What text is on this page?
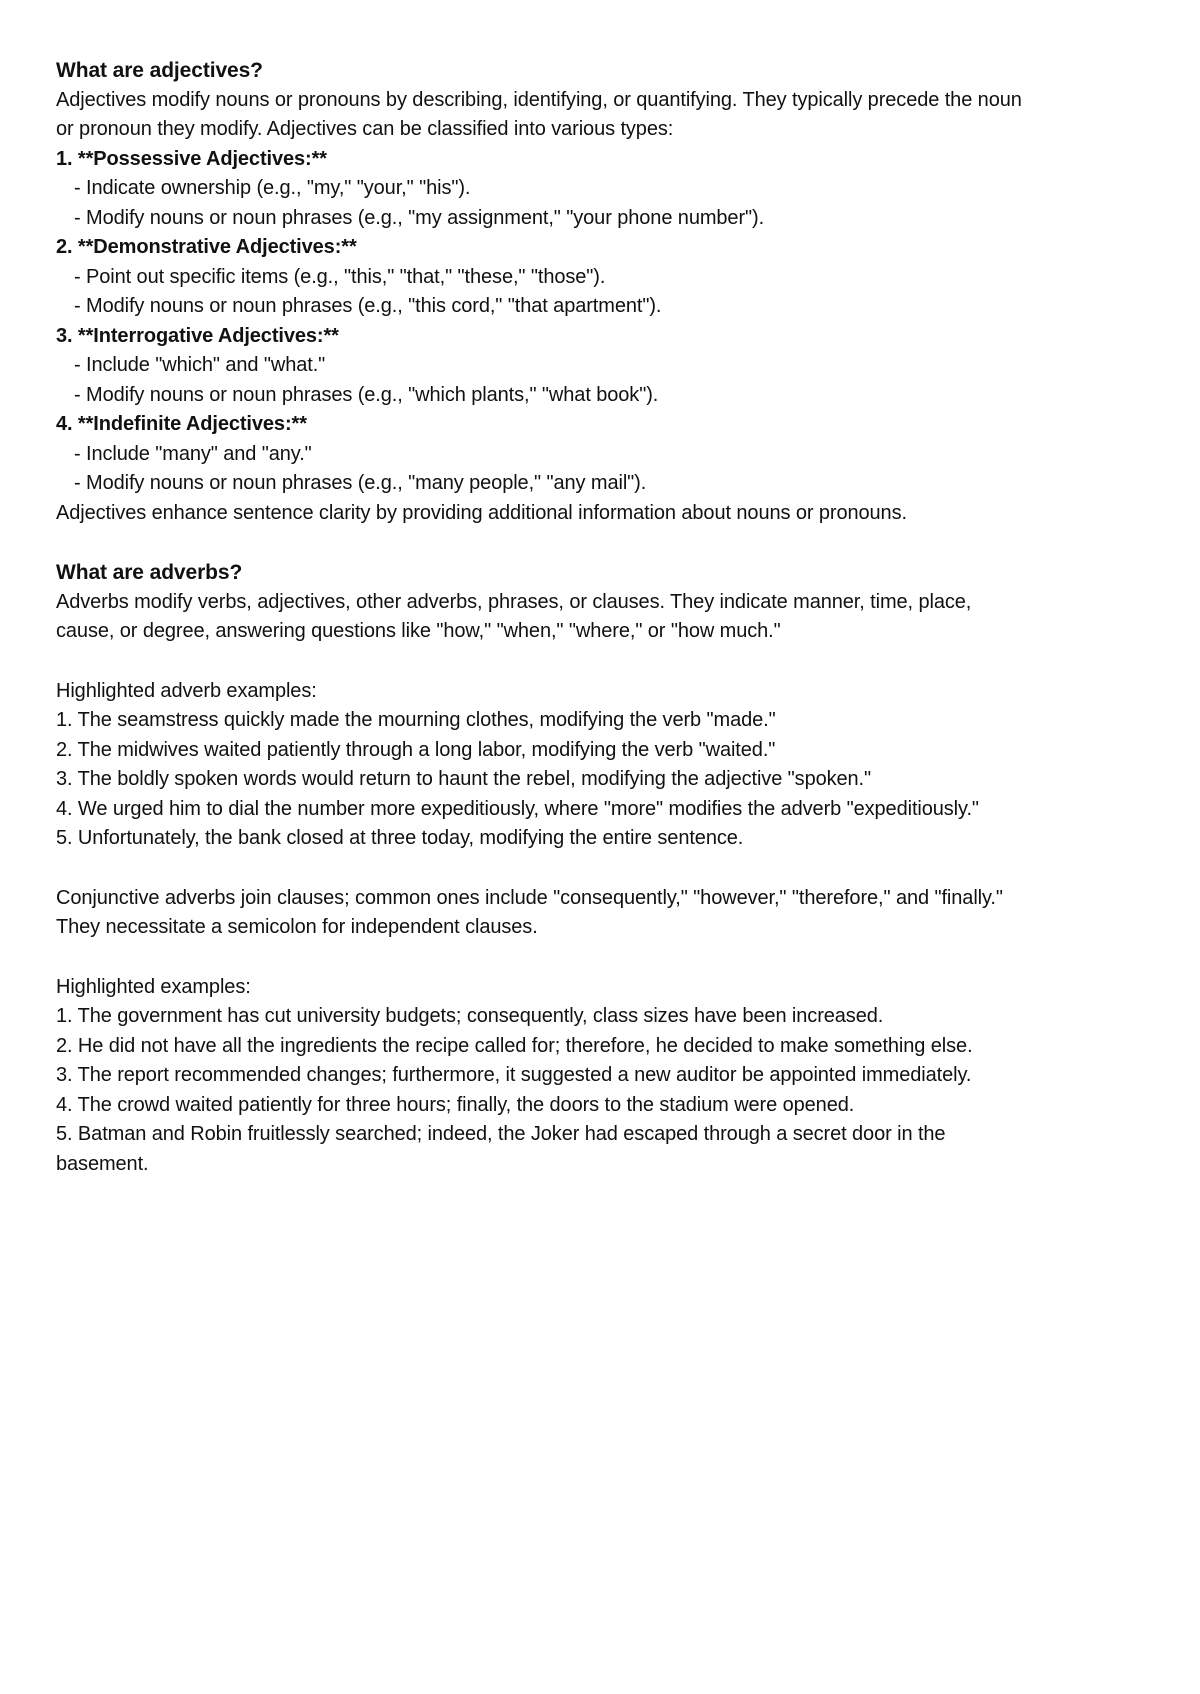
What are adjectives?
Adjectives modify nouns or pronouns by describing, identifying, or quantifying. They typically precede the noun
or pronoun they modify. Adjectives can be classified into various types:
1. **Possessive Adjectives:**
- Indicate ownership (e.g., "my," "your," "his").
- Modify nouns or noun phrases (e.g., "my assignment," "your phone number").
2. **Demonstrative Adjectives:**
- Point out specific items (e.g., "this," "that," "these," "those").
- Modify nouns or noun phrases (e.g., "this cord," "that apartment").
3. **Interrogative Adjectives:**
- Include "which" and "what."
- Modify nouns or noun phrases (e.g., "which plants," "what book").
4. **Indefinite Adjectives:**
- Include "many" and "any."
- Modify nouns or noun phrases (e.g., "many people," "any mail").
Adjectives enhance sentence clarity by providing additional information about nouns or pronouns.
What are adverbs?
Adverbs modify verbs, adjectives, other adverbs, phrases, or clauses. They indicate manner, time, place,
cause, or degree, answering questions like "how," "when," "where," or "how much."
Highlighted adverb examples:
1. The seamstress quickly made the mourning clothes, modifying the verb "made."
2. The midwives waited patiently through a long labor, modifying the verb "waited."
3. The boldly spoken words would return to haunt the rebel, modifying the adjective "spoken."
4. We urged him to dial the number more expeditiously, where "more" modifies the adverb "expeditiously."
5. Unfortunately, the bank closed at three today, modifying the entire sentence.
Conjunctive adverbs join clauses; common ones include "consequently," "however," "therefore," and "finally."
They necessitate a semicolon for independent clauses.
Highlighted examples:
1. The government has cut university budgets; consequently, class sizes have been increased.
2. He did not have all the ingredients the recipe called for; therefore, he decided to make something else.
3. The report recommended changes; furthermore, it suggested a new auditor be appointed immediately.
4. The crowd waited patiently for three hours; finally, the doors to the stadium were opened.
5. Batman and Robin fruitlessly searched; indeed, the Joker had escaped through a secret door in the
basement.
